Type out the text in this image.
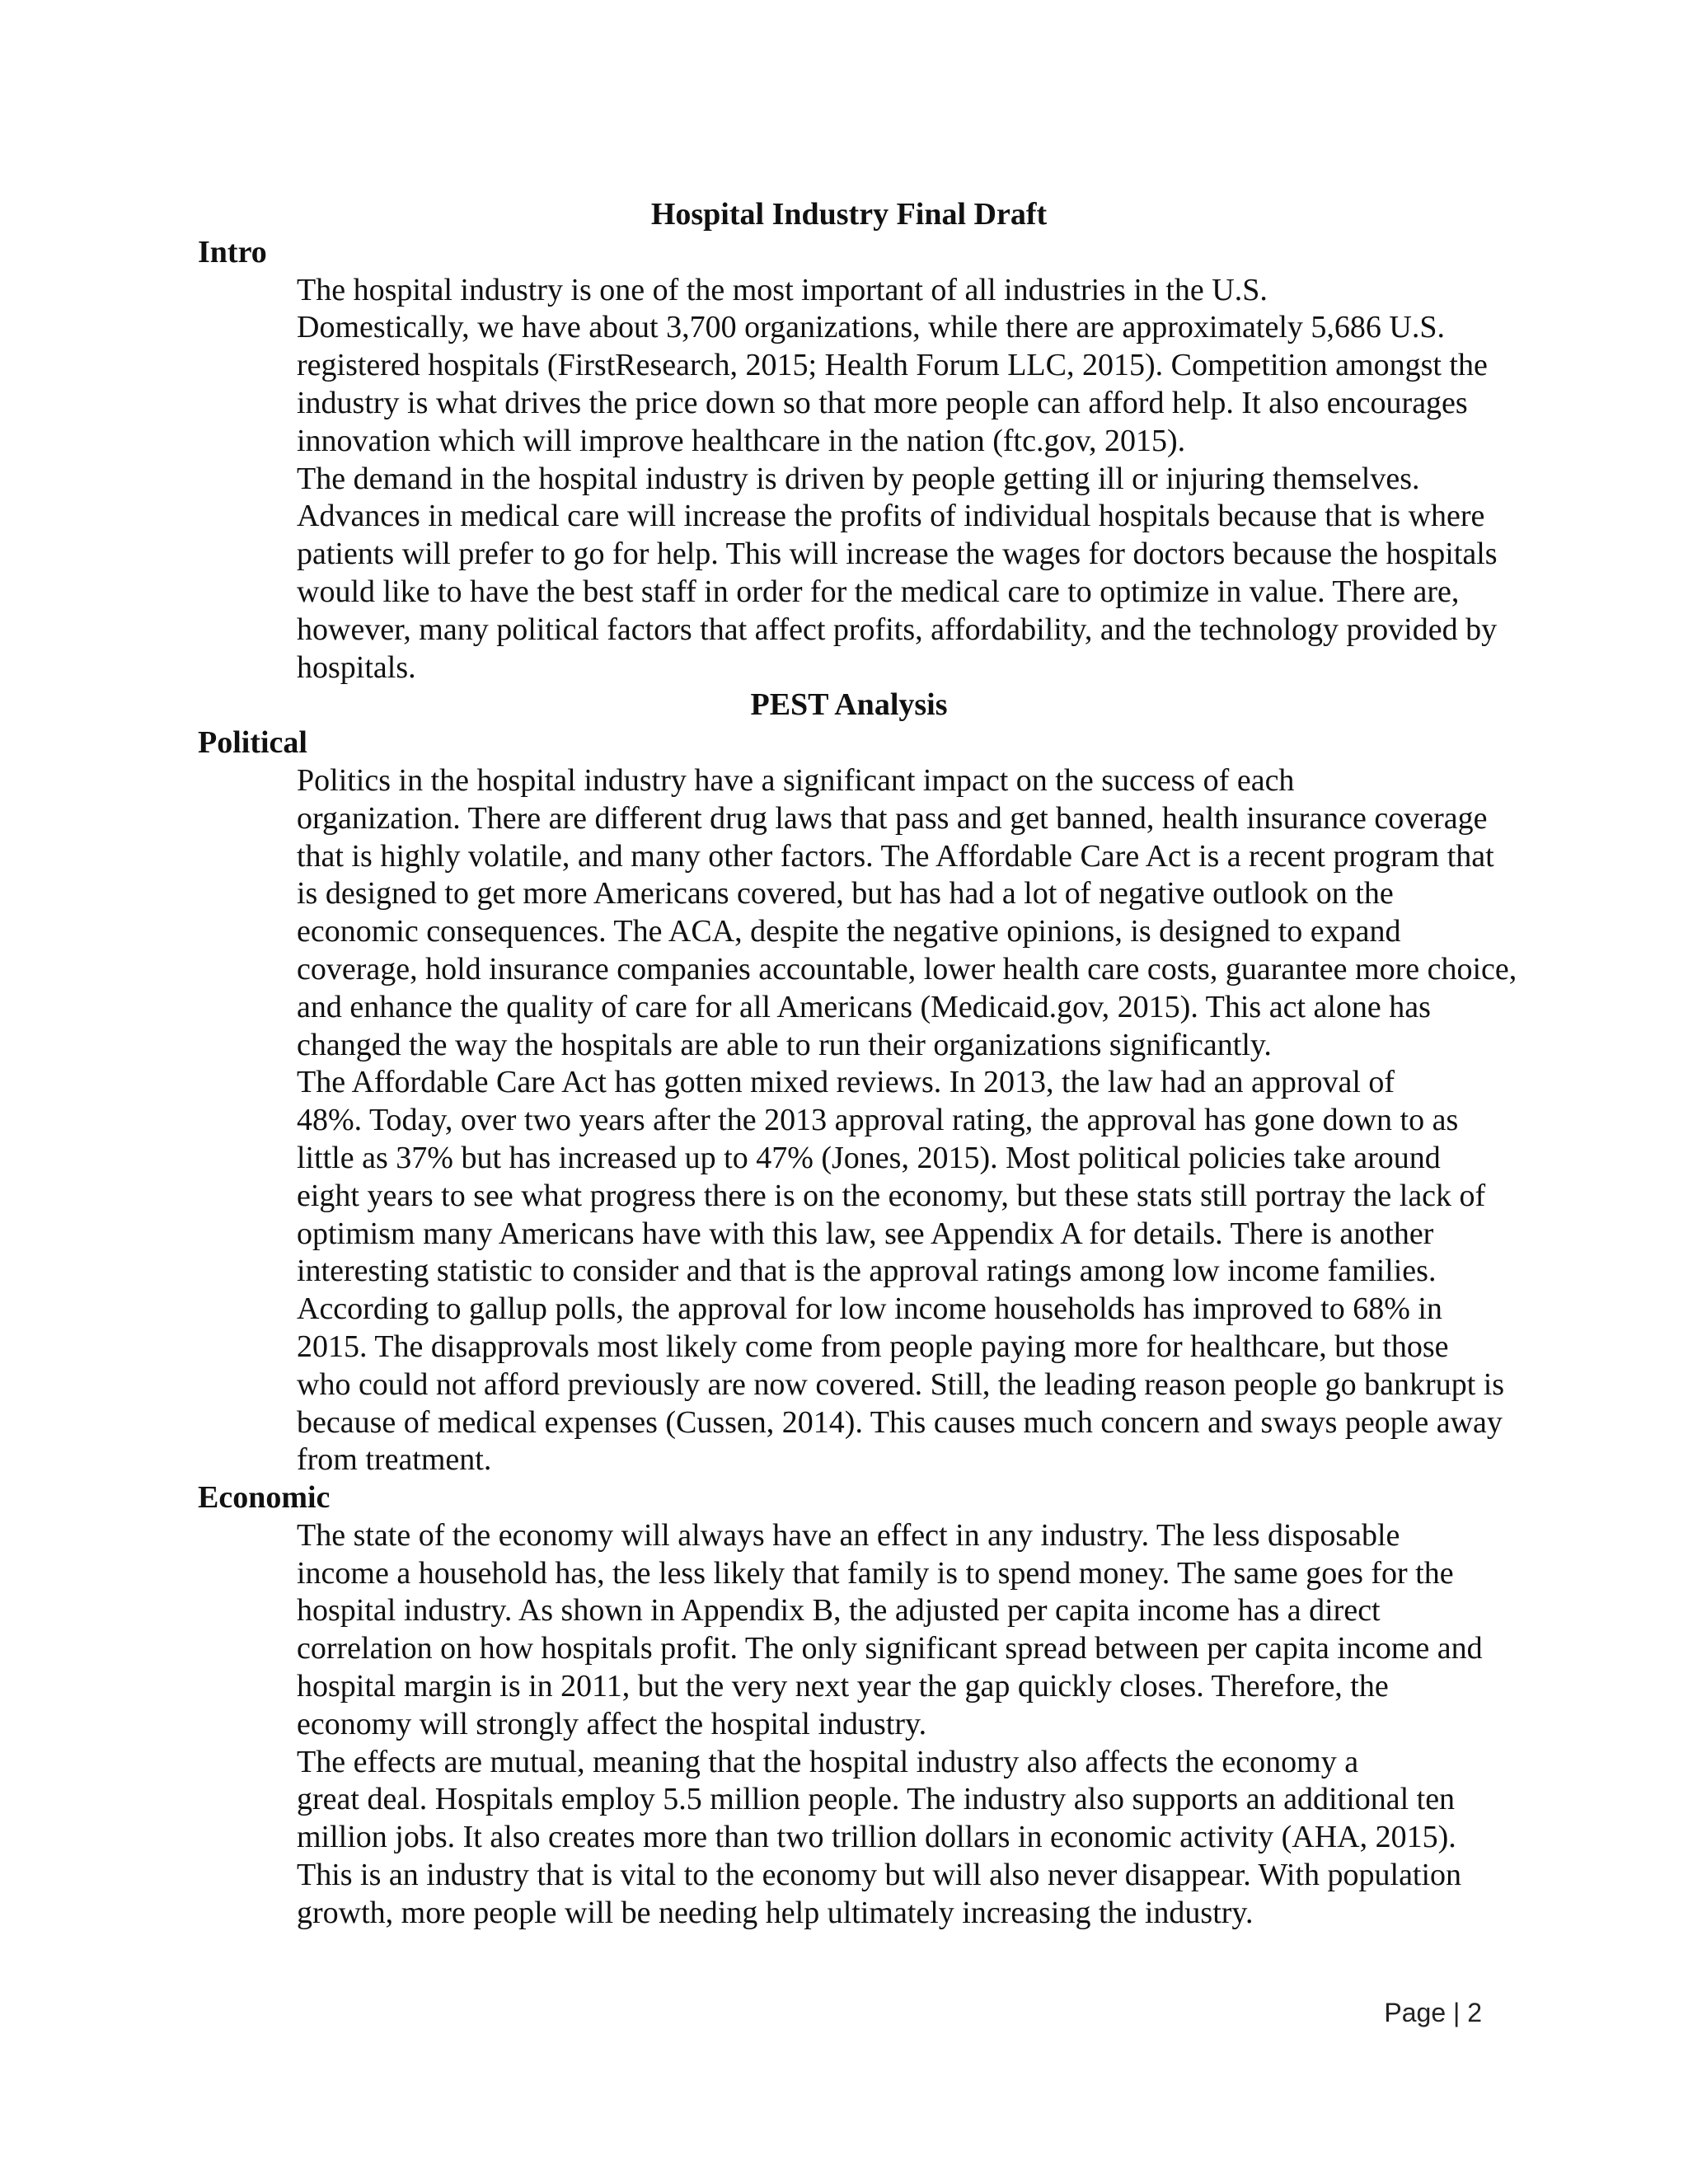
Hospital Industry Final Draft
Intro

The hospital industry is one of the most important of all industries in the U.S.
Domestically, we have about 3,700 organizations, while there are approximately 5,686 U.S.
registered hospitals (FirstResearch, 2015; Health Forum LLC, 2015). Competition amongst the
industry is what drives the price down so that more people can afford help. It also encourages
innovation which will improve healthcare in the nation (ftc.gov, 2015).

The demand in the hospital industry is driven by people getting ill or injuring themselves.
Advances in medical care will increase the profits of individual hospitals because that is where
patients will prefer to go for help. This will increase the wages for doctors because the hospitals
would like to have the best staff in order for the medical care to optimize in value. There are,
however, many political factors that affect profits, affordability, and the technology provided by
hospitals.

PEST Analysis
Political

Politics in the hospital industry have a significant impact on the success of each
organization. There are different drug laws that pass and get banned, health insurance coverage
that is highly volatile, and many other factors. The Affordable Care Act is a recent program that
is designed to get more Americans covered, but has had a lot of negative outlook on the
economic consequences. The ACA, despite the negative opinions, is designed to expand
coverage, hold insurance companies accountable, lower health care costs, guarantee more choice,
and enhance the quality of care for all Americans (Medicaid.gov, 2015). This act alone has
changed the way the hospitals are able to run their organizations significantly.

The Affordable Care Act has gotten mixed reviews. In 2013, the law had an approval of
48%. Today, over two years after the 2013 approval rating, the approval has gone down to as
little as 37% but has increased up to 47% (Jones, 2015). Most political policies take around
eight years to see what progress there is on the economy, but these stats still portray the lack of
optimism many Americans have with this law, see Appendix A for details. There is another
interesting statistic to consider and that is the approval ratings among low income families.
According to gallup polls, the approval for low income households has improved to 68% in
2015. The disapprovals most likely come from people paying more for healthcare, but those
who could not afford previously are now covered. Still, the leading reason people go bankrupt is
because of medical expenses (Cussen, 2014). This causes much concern and sways people away
from treatment.

Economic

The state of the economy will always have an effect in any industry. The less disposable
income a household has, the less likely that family is to spend money. The same goes for the
hospital industry. As shown in Appendix B, the adjusted per capita income has a direct
correlation on how hospitals profit. The only significant spread between per capita income and
hospital margin is in 2011, but the very next year the gap quickly closes. Therefore, the
economy will strongly affect the hospital industry.

The effects are mutual, meaning that the hospital industry also affects the economy a
great deal. Hospitals employ 5.5 million people. The industry also supports an additional ten
million jobs. It also creates more than two trillion dollars in economic activity (AHA, 2015).
This is an industry that is vital to the economy but will also never disappear. With population
growth, more people will be needing help ultimately increasing the industry.

Page | 2
